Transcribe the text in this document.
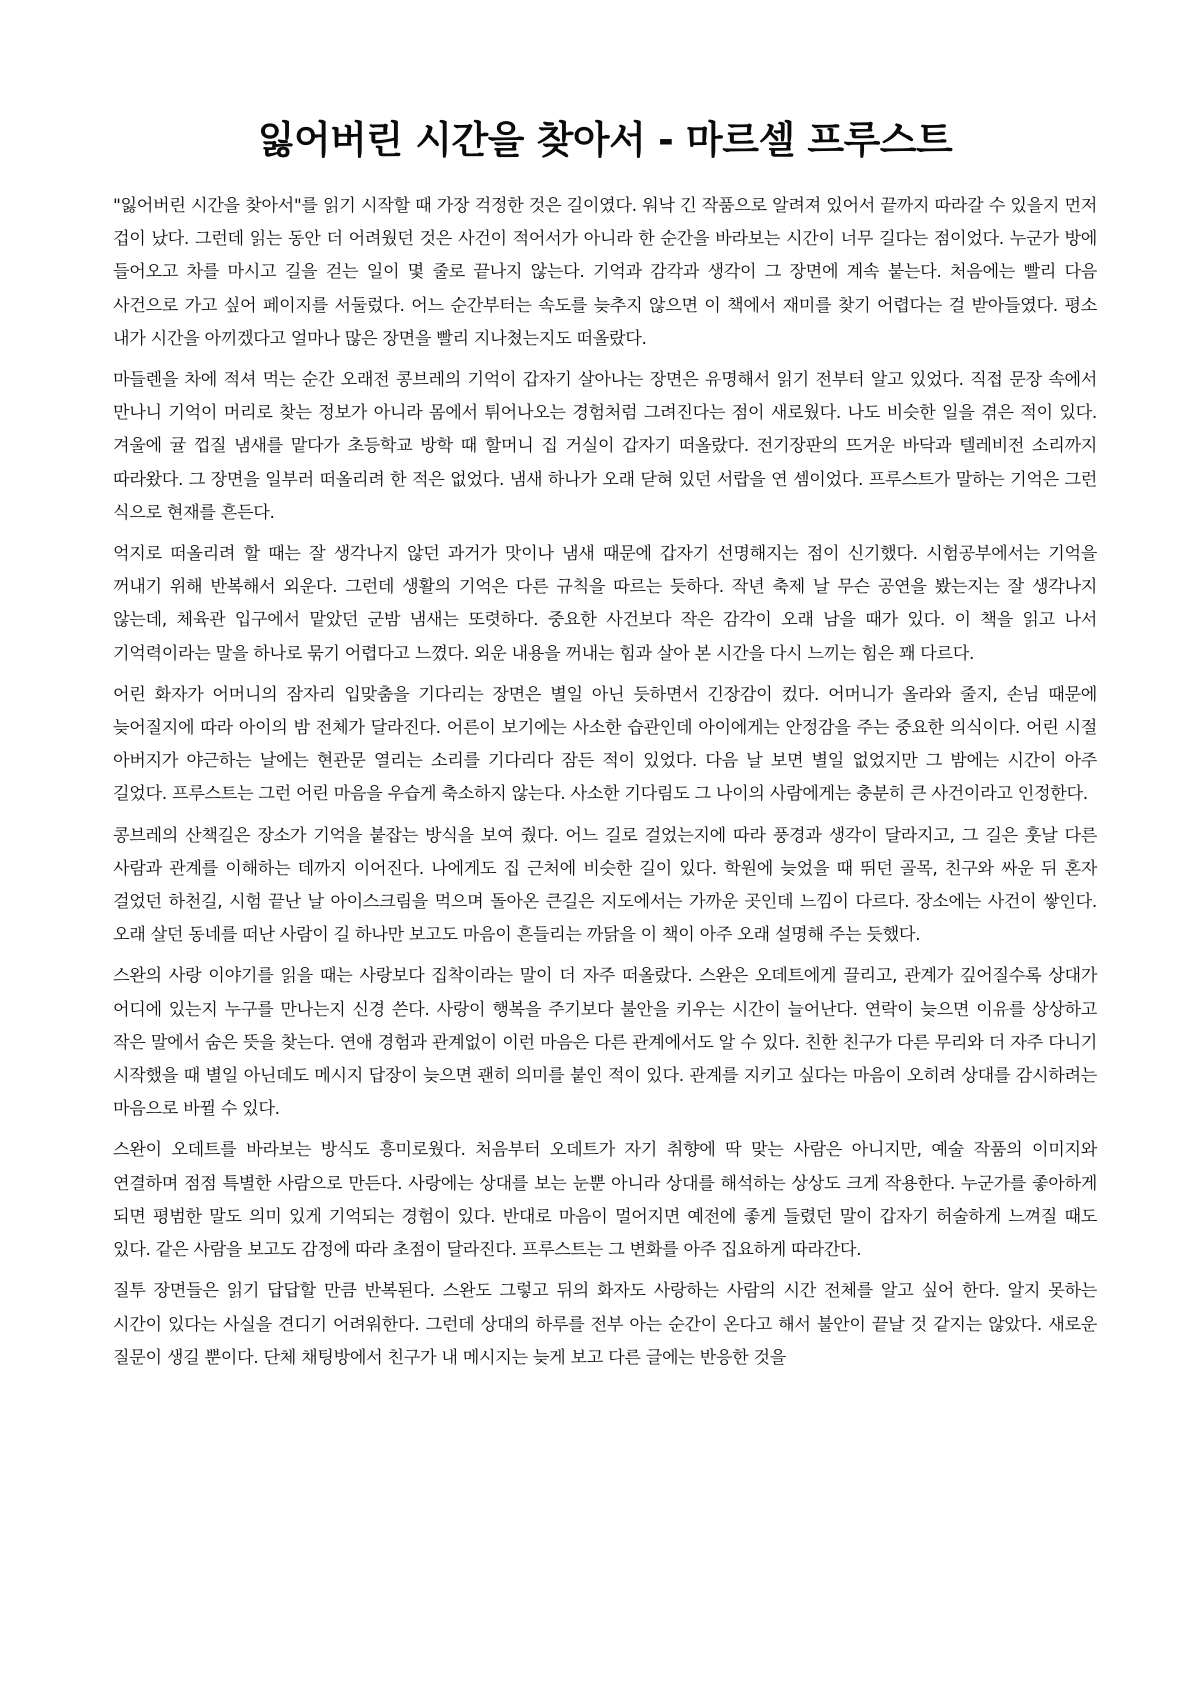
잃어버린 시간을 찾아서 - 마르셀 프루스트

"잃어버린 시간을 찾아서"를 읽기 시작할 때 가장 걱정한 것은 길이였다. 워낙 긴 작품으로 알려져 있어서 끝까지 따라갈 수 있을지 먼저 겁이 났다. 그런데 읽는 동안 더 어려웠던 것은 사건이 적어서가 아니라 한 순간을 바라보는 시간이 너무 길다는 점이었다. 누군가 방에 들어오고 차를 마시고 길을 걷는 일이 몇 줄로 끝나지 않는다. 기억과 감각과 생각이 그 장면에 계속 붙는다. 처음에는 빨리 다음 사건으로 가고 싶어 페이지를 서둘렀다. 어느 순간부터는 속도를 늦추지 않으면 이 책에서 재미를 찾기 어렵다는 걸 받아들였다. 평소 내가 시간을 아끼겠다고 얼마나 많은 장면을 빨리 지나쳤는지도 떠올랐다.

마들렌을 차에 적셔 먹는 순간 오래전 콩브레의 기억이 갑자기 살아나는 장면은 유명해서 읽기 전부터 알고 있었다. 직접 문장 속에서 만나니 기억이 머리로 찾는 정보가 아니라 몸에서 튀어나오는 경험처럼 그려진다는 점이 새로웠다. 나도 비슷한 일을 겪은 적이 있다. 겨울에 귤 껍질 냄새를 맡다가 초등학교 방학 때 할머니 집 거실이 갑자기 떠올랐다. 전기장판의 뜨거운 바닥과 텔레비전 소리까지 따라왔다. 그 장면을 일부러 떠올리려 한 적은 없었다. 냄새 하나가 오래 닫혀 있던 서랍을 연 셈이었다. 프루스트가 말하는 기억은 그런 식으로 현재를 흔든다.

억지로 떠올리려 할 때는 잘 생각나지 않던 과거가 맛이나 냄새 때문에 갑자기 선명해지는 점이 신기했다. 시험공부에서는 기억을 꺼내기 위해 반복해서 외운다. 그런데 생활의 기억은 다른 규칙을 따르는 듯하다. 작년 축제 날 무슨 공연을 봤는지는 잘 생각나지 않는데, 체육관 입구에서 맡았던 군밤 냄새는 또렷하다. 중요한 사건보다 작은 감각이 오래 남을 때가 있다. 이 책을 읽고 나서 기억력이라는 말을 하나로 묶기 어렵다고 느꼈다. 외운 내용을 꺼내는 힘과 살아 본 시간을 다시 느끼는 힘은 꽤 다르다.

어린 화자가 어머니의 잠자리 입맞춤을 기다리는 장면은 별일 아닌 듯하면서 긴장감이 컸다. 어머니가 올라와 줄지, 손님 때문에 늦어질지에 따라 아이의 밤 전체가 달라진다. 어른이 보기에는 사소한 습관인데 아이에게는 안정감을 주는 중요한 의식이다. 어린 시절 아버지가 야근하는 날에는 현관문 열리는 소리를 기다리다 잠든 적이 있었다. 다음 날 보면 별일 없었지만 그 밤에는 시간이 아주 길었다. 프루스트는 그런 어린 마음을 우습게 축소하지 않는다. 사소한 기다림도 그 나이의 사람에게는 충분히 큰 사건이라고 인정한다.

콩브레의 산책길은 장소가 기억을 붙잡는 방식을 보여 줬다. 어느 길로 걸었는지에 따라 풍경과 생각이 달라지고, 그 길은 훗날 다른 사람과 관계를 이해하는 데까지 이어진다. 나에게도 집 근처에 비슷한 길이 있다. 학원에 늦었을 때 뛰던 골목, 친구와 싸운 뒤 혼자 걸었던 하천길, 시험 끝난 날 아이스크림을 먹으며 돌아온 큰길은 지도에서는 가까운 곳인데 느낌이 다르다. 장소에는 사건이 쌓인다. 오래 살던 동네를 떠난 사람이 길 하나만 보고도 마음이 흔들리는 까닭을 이 책이 아주 오래 설명해 주는 듯했다.

스완의 사랑 이야기를 읽을 때는 사랑보다 집착이라는 말이 더 자주 떠올랐다. 스완은 오데트에게 끌리고, 관계가 깊어질수록 상대가 어디에 있는지 누구를 만나는지 신경 쓴다. 사랑이 행복을 주기보다 불안을 키우는 시간이 늘어난다. 연락이 늦으면 이유를 상상하고 작은 말에서 숨은 뜻을 찾는다. 연애 경험과 관계없이 이런 마음은 다른 관계에서도 알 수 있다. 친한 친구가 다른 무리와 더 자주 다니기 시작했을 때 별일 아닌데도 메시지 답장이 늦으면 괜히 의미를 붙인 적이 있다. 관계를 지키고 싶다는 마음이 오히려 상대를 감시하려는 마음으로 바뀔 수 있다.

스완이 오데트를 바라보는 방식도 흥미로웠다. 처음부터 오데트가 자기 취향에 딱 맞는 사람은 아니지만, 예술 작품의 이미지와 연결하며 점점 특별한 사람으로 만든다. 사랑에는 상대를 보는 눈뿐 아니라 상대를 해석하는 상상도 크게 작용한다. 누군가를 좋아하게 되면 평범한 말도 의미 있게 기억되는 경험이 있다. 반대로 마음이 멀어지면 예전에 좋게 들렸던 말이 갑자기 허술하게 느껴질 때도 있다. 같은 사람을 보고도 감정에 따라 초점이 달라진다. 프루스트는 그 변화를 아주 집요하게 따라간다.

질투 장면들은 읽기 답답할 만큼 반복된다. 스완도 그렇고 뒤의 화자도 사랑하는 사람의 시간 전체를 알고 싶어 한다. 알지 못하는 시간이 있다는 사실을 견디기 어려워한다. 그런데 상대의 하루를 전부 아는 순간이 온다고 해서 불안이 끝날 것 같지는 않았다. 새로운 질문이 생길 뿐이다. 단체 채팅방에서 친구가 내 메시지는 늦게 보고 다른 글에는 반응한 것을
